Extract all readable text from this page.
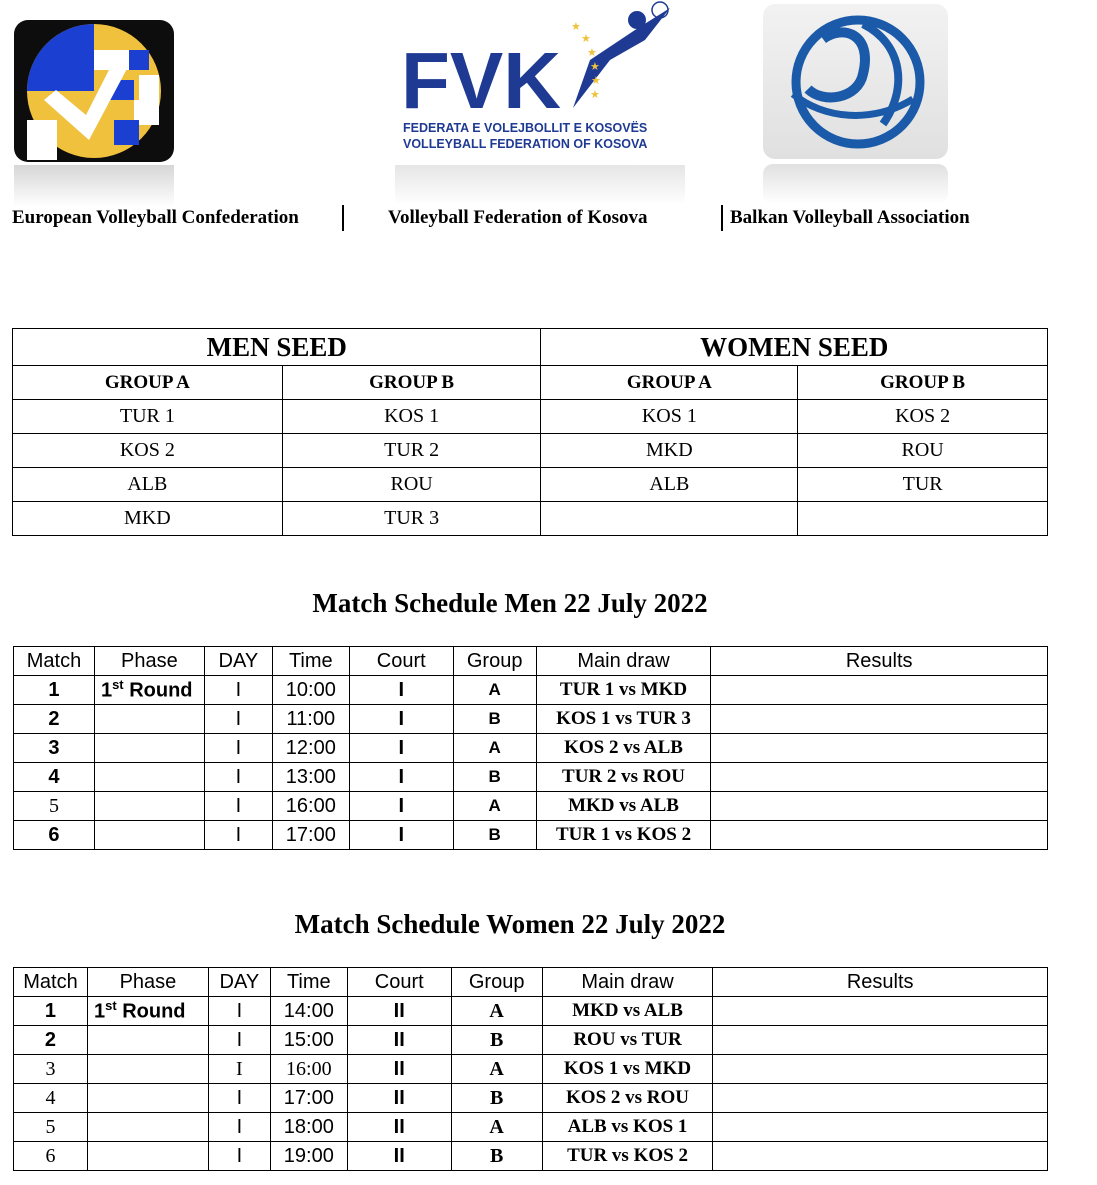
FVK
★
★
★
★
★
★
FEDERATA E VOLEJBOLLIT E KOSOVËS
VOLLEYBALL FEDERATION OF KOSOVA
European Volleyball Confederation	Volleyball Federation of Kosova	Balkan Volleyball Association
MEN SEED		WOMEN SEED	
GROUP A	GROUP B	GROUP A	GROUP B
TUR 1	KOS 1	KOS 1	KOS 2
KOS 2	TUR 2	MKD	ROU
ALB	ROU	ALB	TUR
MKD	TUR 3		
Match Schedule Men 22 July 2022
Match	Phase	DAY	Time	Court	Group	Main draw	Results
1	1st Round	I	10:00	I	A	TUR 1 vs MKD	
2		I	11:00	I	B	KOS 1 vs TUR 3	
3		I	12:00	I	A	KOS 2 vs ALB	
4		I	13:00	I	B	TUR 2 vs ROU	
5		I	16:00	I	A	MKD vs ALB	
6		I	17:00	I	B	TUR 1 vs KOS 2	
Match Schedule Women 22 July 2022
Match	Phase	DAY	Time	Court	Group	Main draw	Results
1	1st Round	I	14:00	II	A	MKD vs ALB	
2		I	15:00	II	B	ROU vs TUR	
3		I	16:00	II	A	KOS 1 vs MKD	
4		I	17:00	II	B	KOS 2 vs ROU	
5		I	18:00	II	A	ALB vs KOS 1	
6		I	19:00	II	B	TUR vs KOS 2	
